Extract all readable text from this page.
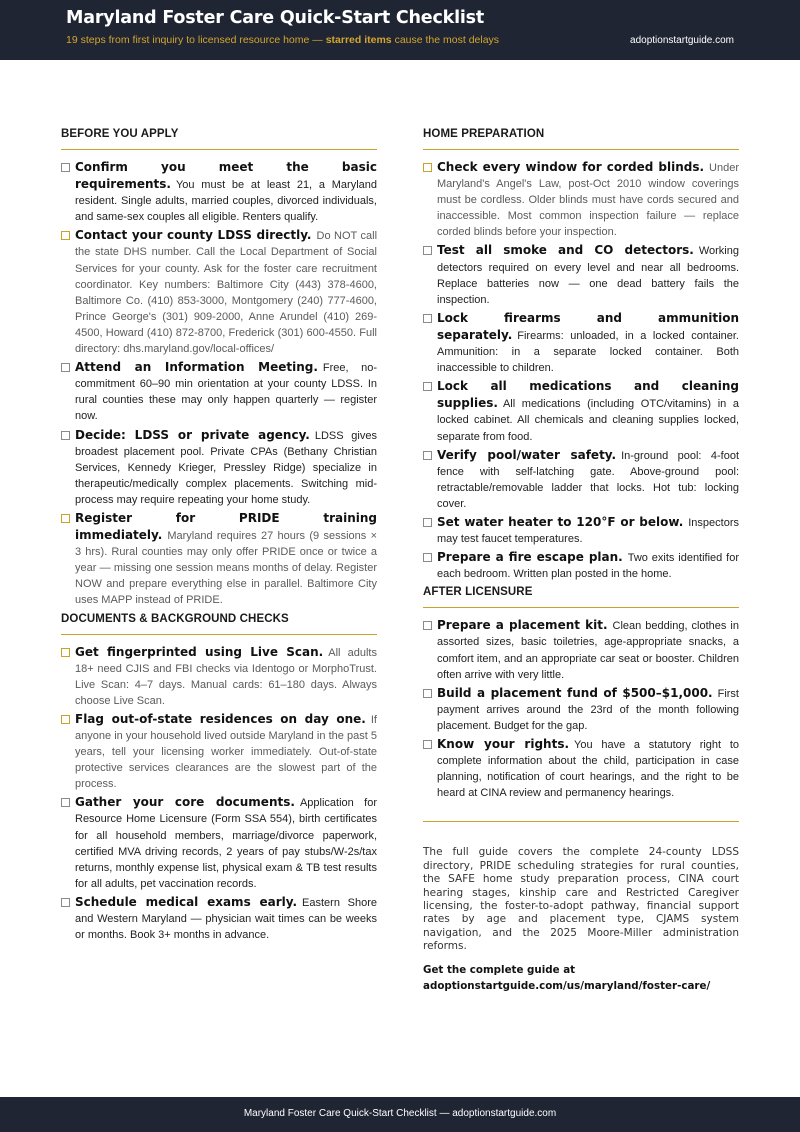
Maryland Foster Care Quick-Start Checklist
19 steps from first inquiry to licensed resource home — starred items cause the most delays	adoptionstartguide.com
BEFORE YOU APPLY
Confirm you meet the basic requirements. You must be at least 21, a Maryland resident. Single adults, married couples, divorced individuals, and same-sex couples all eligible. Renters qualify.
Contact your county LDSS directly. Do NOT call the state DHS number. Call the Local Department of Social Services for your county. Ask for the foster care recruitment coordinator. Key numbers: Baltimore City (443) 378-4600, Baltimore Co. (410) 853-3000, Montgomery (240) 777-4600, Prince George's (301) 909-2000, Anne Arundel (410) 269-4500, Howard (410) 872-8700, Frederick (301) 600-4550. Full directory: dhs.maryland.gov/local-offices/
Attend an Information Meeting. Free, no-commitment 60–90 min orientation at your county LDSS. In rural counties these may only happen quarterly — register now.
Decide: LDSS or private agency. LDSS gives broadest placement pool. Private CPAs (Bethany Christian Services, Kennedy Krieger, Pressley Ridge) specialize in therapeutic/medically complex placements. Switching mid-process may require repeating your home study.
Register for PRIDE training immediately. Maryland requires 27 hours (9 sessions × 3 hrs). Rural counties may only offer PRIDE once or twice a year — missing one session means months of delay. Register NOW and prepare everything else in parallel. Baltimore City uses MAPP instead of PRIDE.
DOCUMENTS & BACKGROUND CHECKS
Get fingerprinted using Live Scan. All adults 18+ need CJIS and FBI checks via Identogo or MorphoTrust. Live Scan: 4–7 days. Manual cards: 61–180 days. Always choose Live Scan.
Flag out-of-state residences on day one. If anyone in your household lived outside Maryland in the past 5 years, tell your licensing worker immediately. Out-of-state protective services clearances are the slowest part of the process.
Gather your core documents. Application for Resource Home Licensure (Form SSA 554), birth certificates for all household members, marriage/divorce paperwork, certified MVA driving records, 2 years of pay stubs/W-2s/tax returns, monthly expense list, physical exam & TB test results for all adults, pet vaccination records.
Schedule medical exams early. Eastern Shore and Western Maryland — physician wait times can be weeks or months. Book 3+ months in advance.
HOME PREPARATION
Check every window for corded blinds. Under Maryland's Angel's Law, post-Oct 2010 window coverings must be cordless. Older blinds must have cords secured and inaccessible. Most common inspection failure — replace corded blinds before your inspection.
Test all smoke and CO detectors. Working detectors required on every level and near all bedrooms. Replace batteries now — one dead battery fails the inspection.
Lock firearms and ammunition separately. Firearms: unloaded, in a locked container. Ammunition: in a separate locked container. Both inaccessible to children.
Lock all medications and cleaning supplies. All medications (including OTC/vitamins) in a locked cabinet. All chemicals and cleaning supplies locked, separate from food.
Verify pool/water safety. In-ground pool: 4-foot fence with self-latching gate. Above-ground pool: retractable/removable ladder that locks. Hot tub: locking cover.
Set water heater to 120°F or below. Inspectors may test faucet temperatures.
Prepare a fire escape plan. Two exits identified for each bedroom. Written plan posted in the home.
AFTER LICENSURE
Prepare a placement kit. Clean bedding, clothes in assorted sizes, basic toiletries, age-appropriate snacks, a comfort item, and an appropriate car seat or booster. Children often arrive with very little.
Build a placement fund of $500–$1,000. First payment arrives around the 23rd of the month following placement. Budget for the gap.
Know your rights. You have a statutory right to complete information about the child, participation in case planning, notification of court hearings, and the right to be heard at CINA review and permanency hearings.
The full guide covers the complete 24-county LDSS directory, PRIDE scheduling strategies for rural counties, the SAFE home study preparation process, CINA court hearing stages, kinship care and Restricted Caregiver licensing, the foster-to-adopt pathway, financial support rates by age and placement type, CJAMS system navigation, and the 2025 Moore-Miller administration reforms.
Get the complete guide at
adoptionstartguide.com/us/maryland/foster-care/
Maryland Foster Care Quick-Start Checklist — adoptionstartguide.com
